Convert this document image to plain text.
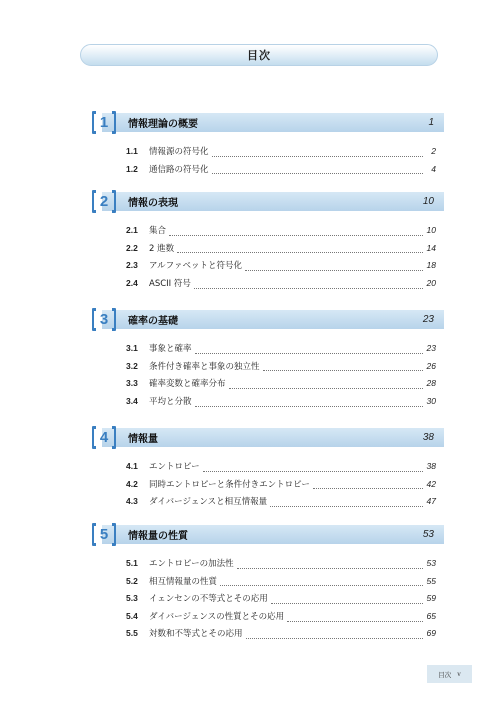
目次
1	情報理論の概要	1
1.1	情報源の符号化	2
1.2	通信路の符号化	4
2	情報の表現	10
2.1	集合	10
2.2	2 進数	14
2.3	アルファベットと符号化	18
2.4	ASCII 符号	20
3	確率の基礎	23
3.1	事象と確率	23
3.2	条件付き確率と事象の独立性	26
3.3	確率変数と確率分布	28
3.4	平均と分散	30
4	情報量	38
4.1	エントロピー	38
4.2	同時エントロピーと条件付きエントロピー	42
4.3	ダイバージェンスと相互情報量	47
5	情報量の性質	53
5.1	エントロピーの加法性	53
5.2	相互情報量の性質	55
5.3	イェンセンの不等式とその応用	59
5.4	ダイバージェンスの性質とその応用	65
5.5	対数和不等式とその応用	69
目次 v
